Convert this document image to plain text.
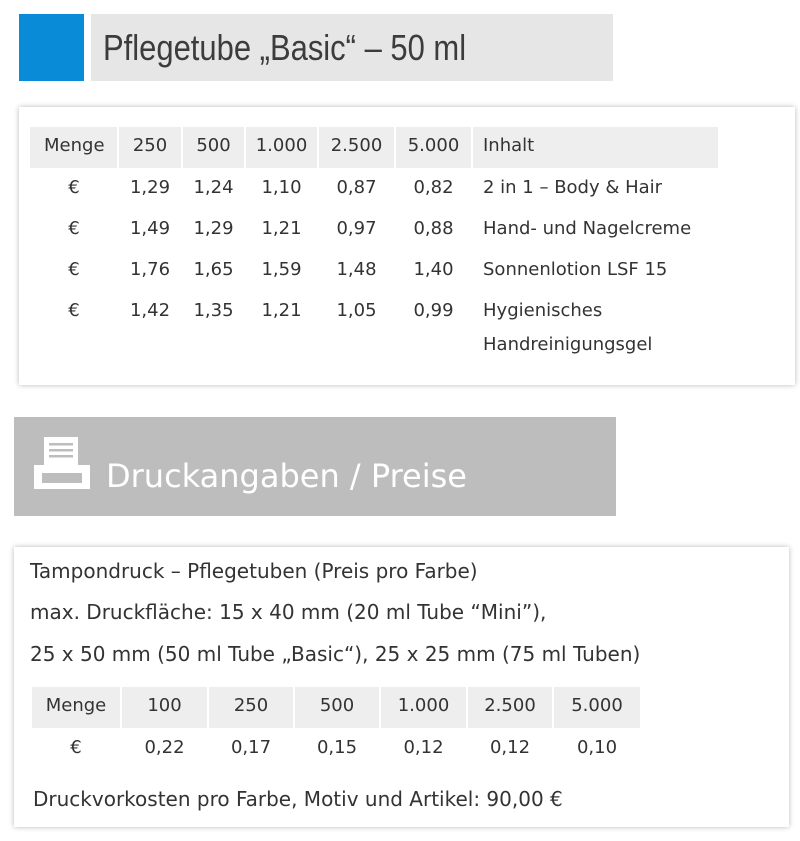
Pflegetube „Basic“ – 50 ml
Menge	250	500	1.000	2.500	5.000	Inhalt
€	1,29	1,24	1,10	0,87	0,82	2 in 1 – Body & Hair
€	1,49	1,29	1,21	0,97	0,88	Hand- und Nagelcreme
€	1,76	1,65	1,59	1,48	1,40	Sonnenlotion LSF 15
€	1,42	1,35	1,21	1,05	0,99	Hygienisches
Handreinigungsgel
Druckangaben / Preise
Tampondruck – Pflegetuben (Preis pro Farbe)
max. Druckfläche: 15 x 40 mm (20 ml Tube “Mini”),
25 x 50 mm (50 ml Tube „Basic“), 25 x 25 mm (75 ml Tuben)
Menge	100	250	500	1.000	2.500	5.000
€	0,22	0,17	0,15	0,12	0,12	0,10
Druckvorkosten pro Farbe, Motiv und Artikel: 90,00 €
